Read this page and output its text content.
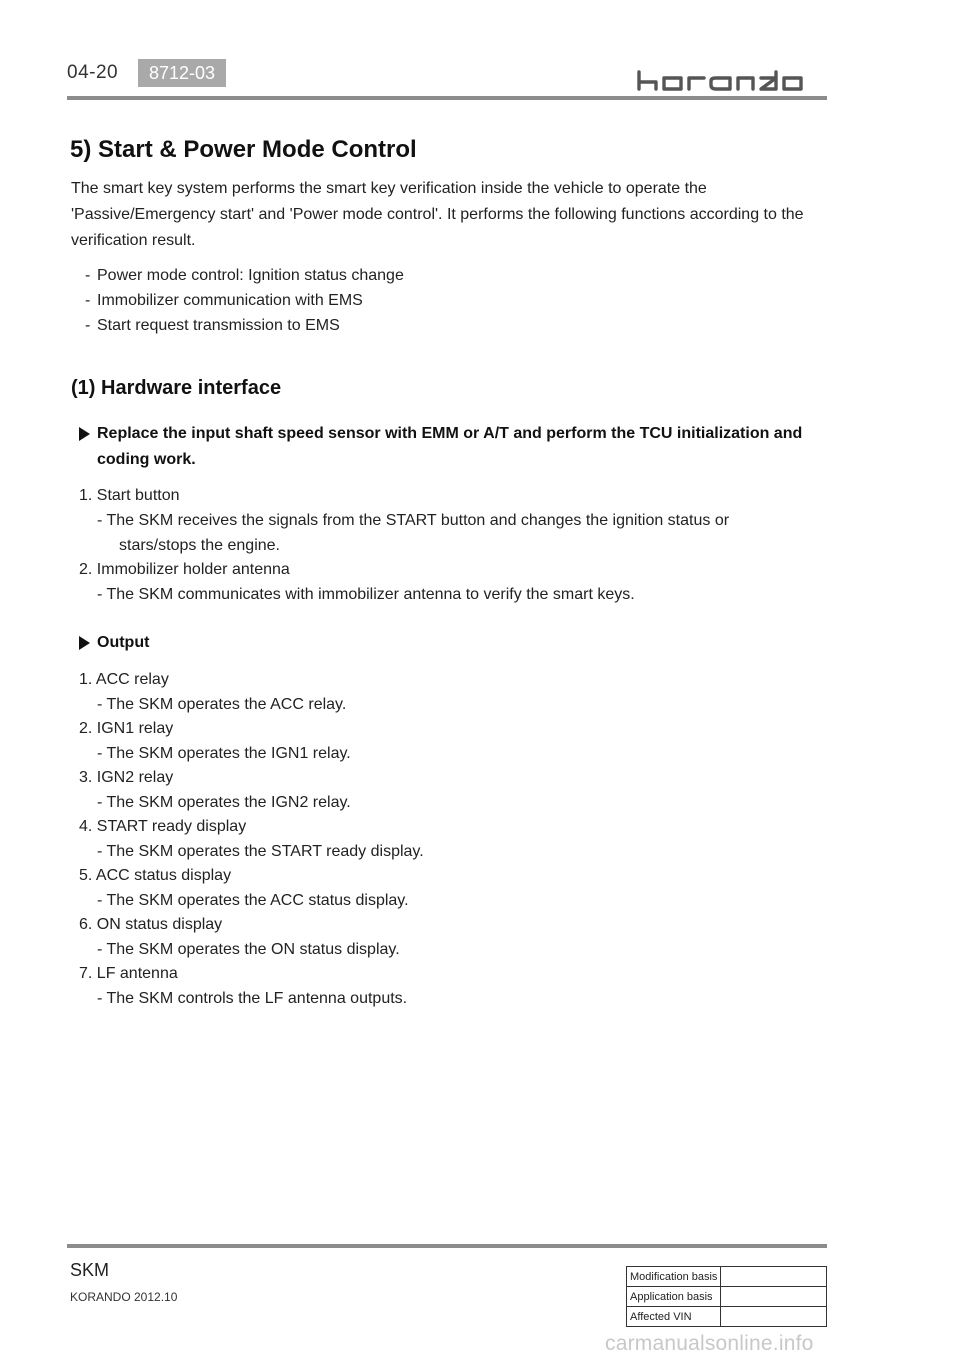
04-20	8712-03
5) Start & Power Mode Control
The smart key system performs the smart key verification inside the vehicle to operate the 'Passive/Emergency start' and 'Power mode control'. It performs the following functions according to the verification result.
- Power mode control: Ignition status change
- Immobilizer communication with EMS
- Start request transmission to EMS
(1) Hardware interface
Replace the input shaft speed sensor with EMM or A/T and perform the TCU initialization and
coding work.
1. Start button
- The SKM receives the signals from the START button and changes the ignition status or
stars/stops the engine.
2. Immobilizer holder antenna
- The SKM communicates with immobilizer antenna to verify the smart keys.
Output
1. ACC relay
- The SKM operates the ACC relay.
2. IGN1 relay
- The SKM operates the IGN1 relay.
3. IGN2 relay
- The SKM operates the IGN2 relay.
4. START ready display
- The SKM operates the START ready display.
5. ACC status display
- The SKM operates the ACC status display.
6. ON status display
- The SKM operates the ON status display.
7. LF antenna
- The SKM controls the LF antenna outputs.
SKM
KORANDO 2012.10
Modification basis	
Application basis	
Affected VIN	
carmanualsonline.info
